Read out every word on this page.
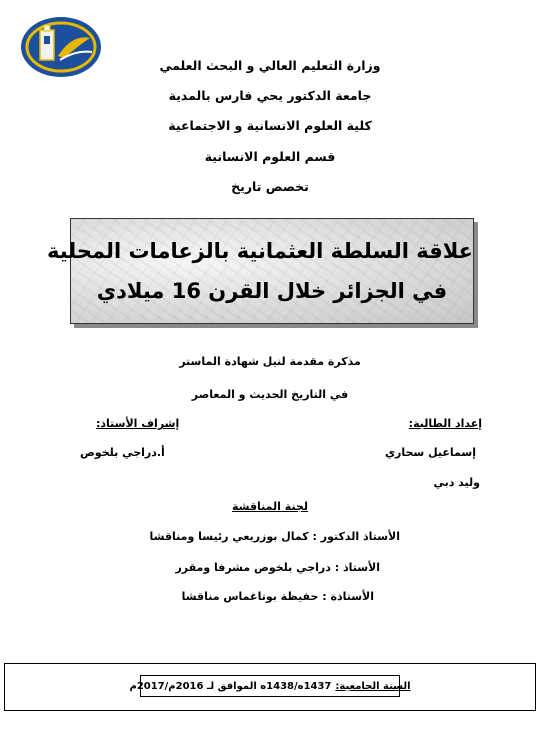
وزارة التعليم العالي و البحث العلمي
جامعة الدكتور يحي فارس بالمدية
كلية العلوم الانسانية و الاجتماعية
قسم العلوم الانسانية
تخصص تاريخ
علاقة السلطة العثمانية بالزعامات المحلية
في الجزائر خلال القرن 16 ميلادي
مذكرة مقدمة لنيل شهادة الماستر
في التاريخ الحديث و المعاصر
إعداد الطالبة:
إسماعيل سحاري
وليد دبي
إشراف الأستاذ:
أ.دراجي بلخوص
لجنة المناقشة
الأستاذ الدكتور : كمال بوزريعي رئيسا ومناقشا
الأستاذ : دراجي بلخوص مشرفا ومقرر
الأستاذة : حفيظة بوتاغماس مناقشا
السنة الجامعية:
1437ه/1438ه الموافق لـ 2016م/2017م
